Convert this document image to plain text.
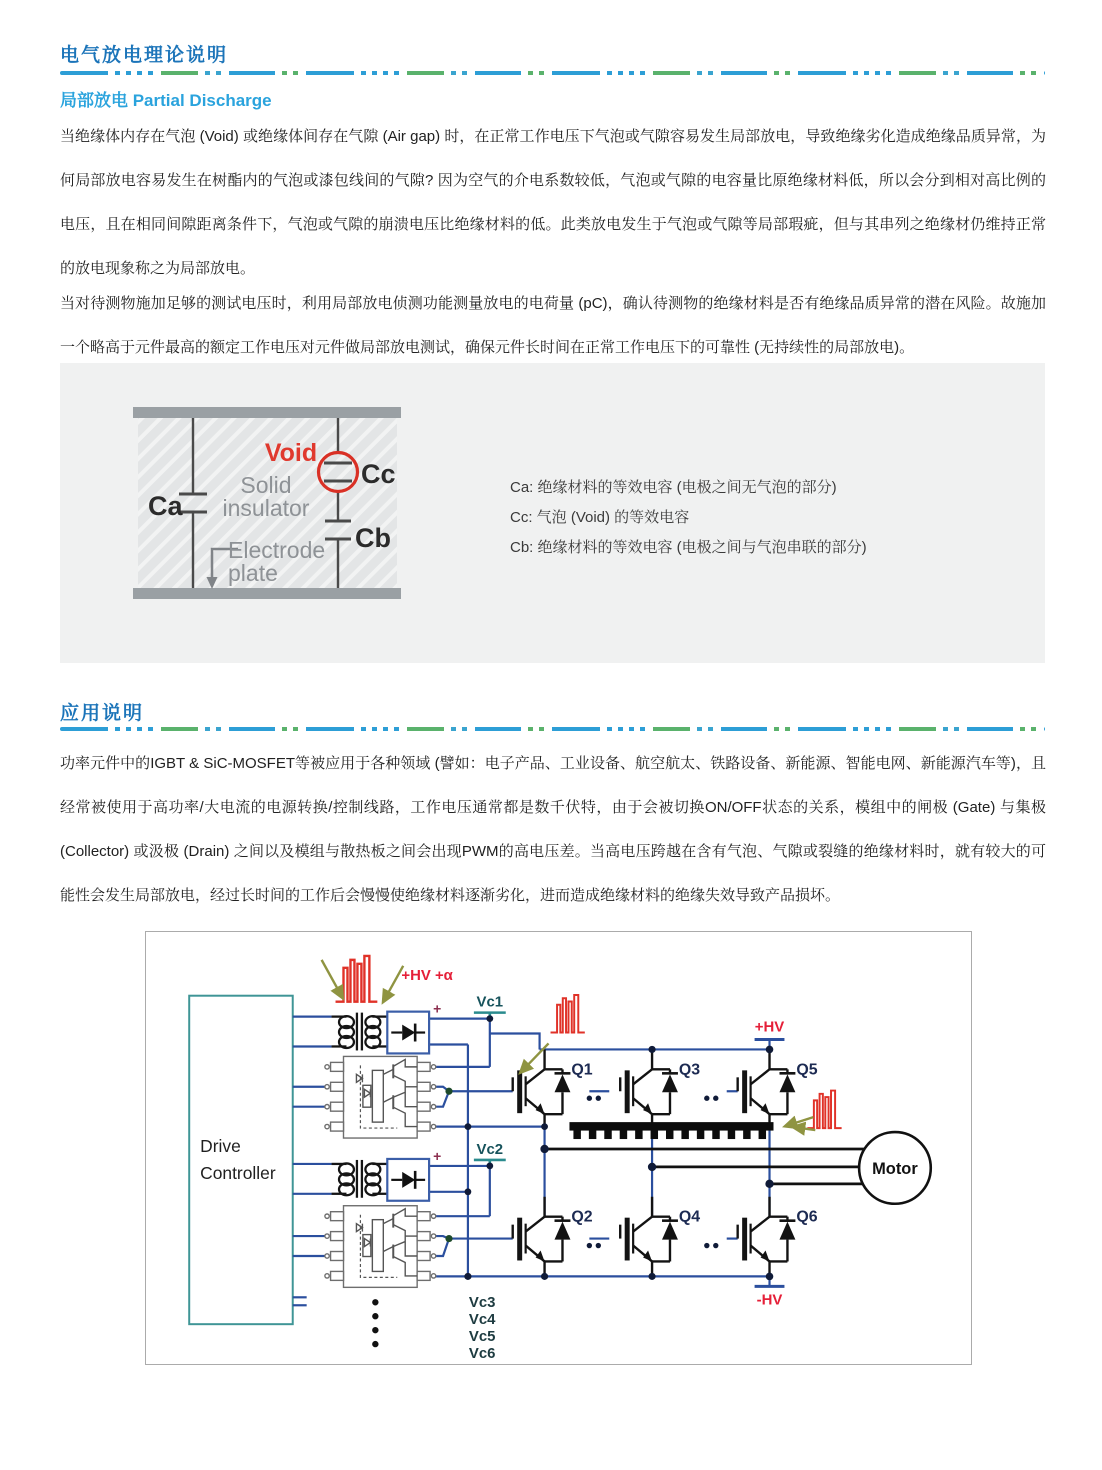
电气放电理论说明
局部放电 Partial Discharge
当绝缘体内存在气泡 (Void) 或绝缘体间存在气隙 (Air gap) 时，在正常工作电压下气泡或气隙容易发生局部放电，导致绝缘劣化造成绝缘品质异常，为何局部放电容易发生在树酯内的气泡或漆包线间的气隙? 因为空气的介电系数较低，气泡或气隙的电容量比原绝缘材料低，所以会分到相对高比例的电压，且在相同间隙距离条件下，气泡或气隙的崩溃电压比绝缘材料的低。此类放电发生于气泡或气隙等局部瑕疵，但与其串列之绝缘材仍维持正常的放电现象称之为局部放电。
当对待测物施加足够的测试电压时，利用局部放电侦测功能测量放电的电荷量 (pC)，确认待测物的绝缘材料是否有绝缘品质异常的潜在风险。故施加一个略高于元件最高的额定工作电压对元件做局部放电测试，确保元件长时间在正常工作电压下的可靠性 (无持续性的局部放电)。
Ca
Cc
Cb
Void
Solid
insulator
Electrode
plate
Ca: 绝缘材料的等效电容 (电极之间无气泡的部分)
Cc: 气泡 (Void) 的等效电容
Cb: 绝缘材料的等效电容 (电极之间与气泡串联的部分)
应用说明
功率元件中的IGBT & SiC-MOSFET等被应用于各种领域 (譬如：电子产品、工业设备、航空航太、铁路设备、新能源、智能电网、新能源汽车等)，且经常被使用于高功率/大电流的电源转换/控制线路，工作电压通常都是数千伏特，由于会被切换ON/OFF状态的关系，模组中的闸极 (Gate) 与集极 (Collector) 或汲极 (Drain) 之间以及模组与散热板之间会出现PWM的高电压差。当高电压跨越在含有气泡、气隙或裂缝的绝缘材料时，就有较大的可能性会发生局部放电，经过长时间的工作后会慢慢使绝缘材料逐渐劣化，进而造成绝缘材料的绝缘失效导致产品损坏。
Drive
Controller
+
+
Motor
+HV +α
+HV
-HV
Vc1
Vc2
Vc3
Vc4
Vc5
Vc6
Q1	Q3	Q5
Q2	Q4	Q6
